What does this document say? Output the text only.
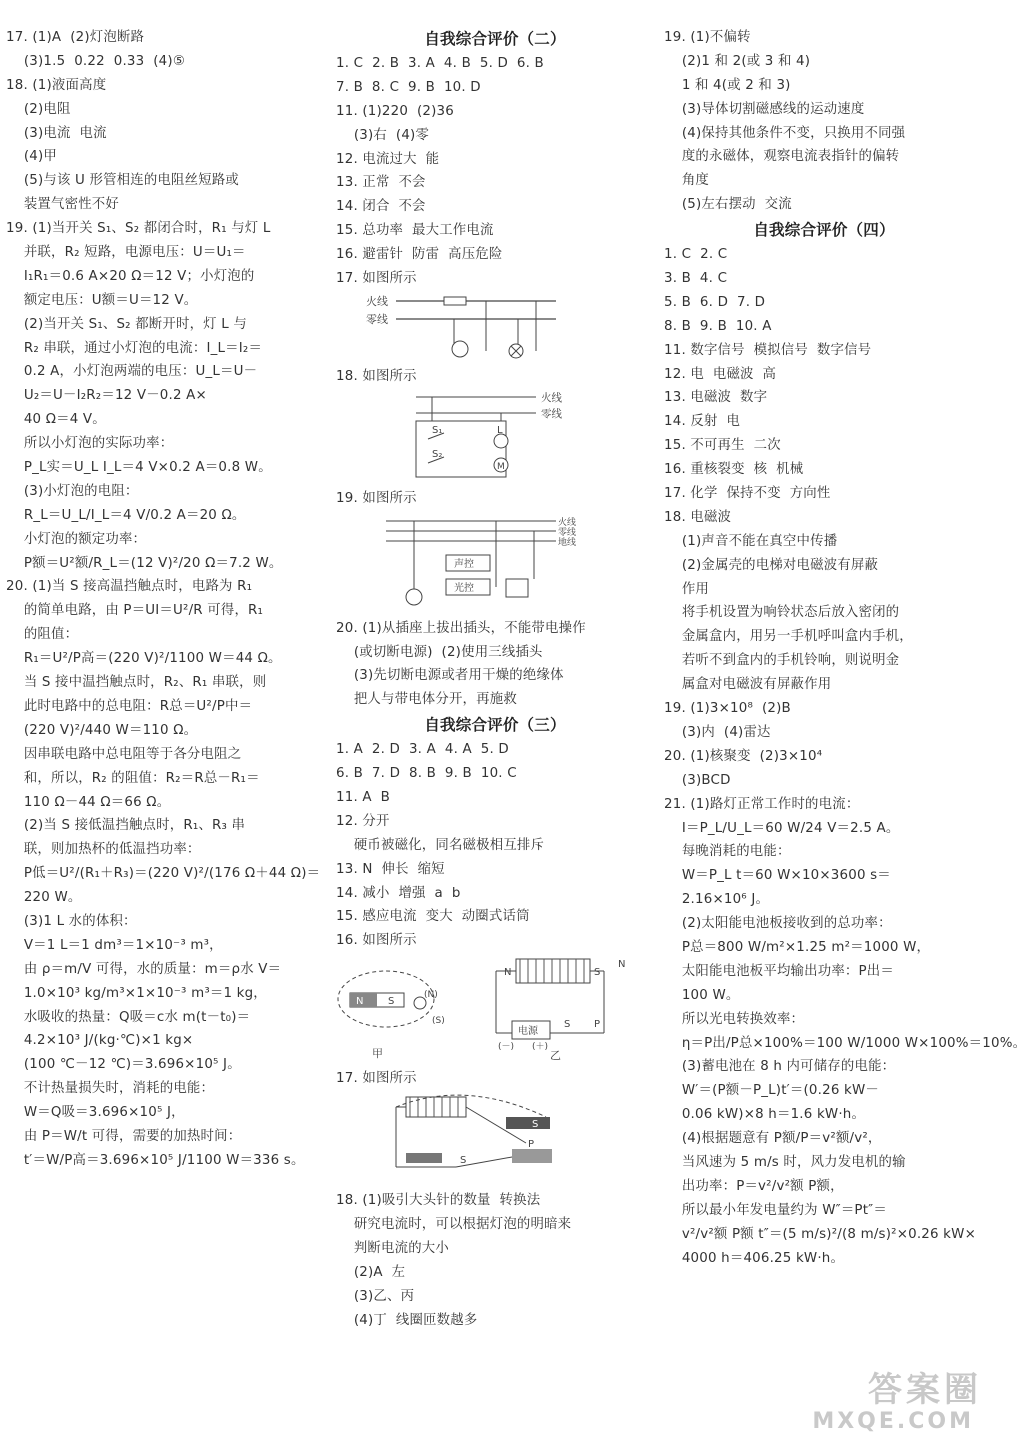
17. (1)A  (2)灯泡断路
(3)1.5  0.22  0.33  (4)⑤
18. (1)液面高度
(2)电阻
(3)电流  电流
(4)甲
(5)与该 U 形管相连的电阻丝短路或
装置气密性不好
19. (1)当开关 S₁、S₂ 都闭合时，R₁ 与灯 L
并联，R₂ 短路，电源电压：U＝U₁＝
I₁R₁＝0.6 A×20 Ω＝12 V；小灯泡的
额定电压：U额＝U＝12 V。
(2)当开关 S₁、S₂ 都断开时，灯 L 与
R₂ 串联，通过小灯泡的电流：I_L＝I₂＝
0.2 A，小灯泡两端的电压：U_L＝U－
U₂＝U－I₂R₂＝12 V－0.2 A×
40 Ω＝4 V。
所以小灯泡的实际功率：
P_L实＝U_L I_L＝4 V×0.2 A＝0.8 W。
(3)小灯泡的电阻：
R_L＝U_L/I_L＝4 V/0.2 A＝20 Ω。
小灯泡的额定功率：
P额＝U²额/R_L＝(12 V)²/20 Ω＝7.2 W。
20. (1)当 S 接高温挡触点时，电路为 R₁
的简单电路，由 P＝UI＝U²/R 可得，R₁
的阻值：
R₁＝U²/P高＝(220 V)²/1100 W＝44 Ω。
当 S 接中温挡触点时，R₂、R₁ 串联，则
此时电路中的总电阻：R总＝U²/P中＝
(220 V)²/440 W＝110 Ω。
因串联电路中总电阻等于各分电阻之
和，所以，R₂ 的阻值：R₂＝R总－R₁＝
110 Ω－44 Ω＝66 Ω。
(2)当 S 接低温挡触点时，R₁、R₃ 串
联，则加热杯的低温挡功率：
P低＝U²/(R₁＋R₃)＝(220 V)²/(176 Ω＋44 Ω)＝
220 W。
(3)1 L 水的体积：
V＝1 L＝1 dm³＝1×10⁻³ m³，
由 ρ＝m/V 可得，水的质量：m＝ρ水 V＝
1.0×10³ kg/m³×1×10⁻³ m³＝1 kg，
水吸收的热量：Q吸＝c水 m(t－t₀)＝
4.2×10³ J/(kg·℃)×1 kg×
(100 ℃－12 ℃)＝3.696×10⁵ J。
不计热量损失时，消耗的电能：
W＝Q吸＝3.696×10⁵ J，
由 P＝W/t 可得，需要的加热时间：
t′＝W/P高＝3.696×10⁵ J/1100 W＝336 s。
自我综合评价（二）
1. C  2. B  3. A  4. B  5. D  6. B
7. B  8. C  9. B  10. D
11. (1)220  (2)36
(3)右  (4)零
12. 电流过大  能
13. 正常  不会
14. 闭合  不会
15. 总功率  最大工作电流
16. 避雷针  防雷  高压危险
17. 如图所示
火线
零线
18. 如图所示
火线
零线
S₁
S₂
L
M
19. 如图所示
火线
零线
地线
声控
光控
20. (1)从插座上拔出插头，不能带电操作
(或切断电源)  (2)使用三线插头
(3)先切断电源或者用干燥的绝缘体
把人与带电体分开，再施救
自我综合评价（三）
1. A  2. D  3. A  4. A  5. D
6. B  7. D  8. B  9. B  10. C
11. A  B
12. 分开
硬币被磁化，同名磁极相互排斥
13. N  伸长  缩短
14. 减小  增强  a  b
15. 感应电流  变大  动圈式话筒
16. 如图所示
N S
(N)
(S)
甲
N	S
N
电源
S P
(－) (＋)
乙
17. 如图所示
S
P
S
18. (1)吸引大头针的数量  转换法
研究电流时，可以根据灯泡的明暗来
判断电流的大小
(2)A  左
(3)乙、丙
(4)丁  线圈匝数越多
19. (1)不偏转
(2)1 和 2(或 3 和 4)
1 和 4(或 2 和 3)
(3)导体切割磁感线的运动速度
(4)保持其他条件不变，只换用不同强
度的永磁体，观察电流表指针的偏转
角度
(5)左右摆动  交流
自我综合评价（四）
1. C  2. C
3. B  4. C
5. B  6. D  7. D
8. B  9. B  10. A
11. 数字信号  模拟信号  数字信号
12. 电  电磁波  高
13. 电磁波  数字
14. 反射  电
15. 不可再生  二次
16. 重核裂变  核  机械
17. 化学  保持不变  方向性
18. 电磁波
(1)声音不能在真空中传播
(2)金属壳的电梯对电磁波有屏蔽
作用
将手机设置为响铃状态后放入密闭的
金属盒内，用另一手机呼叫盒内手机，
若听不到盒内的手机铃响，则说明金
属盒对电磁波有屏蔽作用
19. (1)3×10⁸  (2)B
(3)内  (4)雷达
20. (1)核聚变  (2)3×10⁴
(3)BCD
21. (1)路灯正常工作时的电流：
I＝P_L/U_L＝60 W/24 V＝2.5 A。
每晚消耗的电能：
W＝P_L t＝60 W×10×3600 s＝
2.16×10⁶ J。
(2)太阳能电池板接收到的总功率：
P总＝800 W/m²×1.25 m²＝1000 W，
太阳能电池板平均输出功率：P出＝
100 W。
所以光电转换效率：
η＝P出/P总×100%＝100 W/1000 W×100%＝10%。
(3)蓄电池在 8 h 内可储存的电能：
W′＝(P额－P_L)t′＝(0.26 kW－
0.06 kW)×8 h＝1.6 kW·h。
(4)根据题意有 P额/P＝v²额/v²，
当风速为 5 m/s 时，风力发电机的输
出功率：P＝v²/v²额 P额，
所以最小年发电量约为 W″＝Pt″＝
v²/v²额 P额 t″＝(5 m/s)²/(8 m/s)²×0.26 kW×
4000 h＝406.25 kW·h。
答案圈
MXQE.COM
